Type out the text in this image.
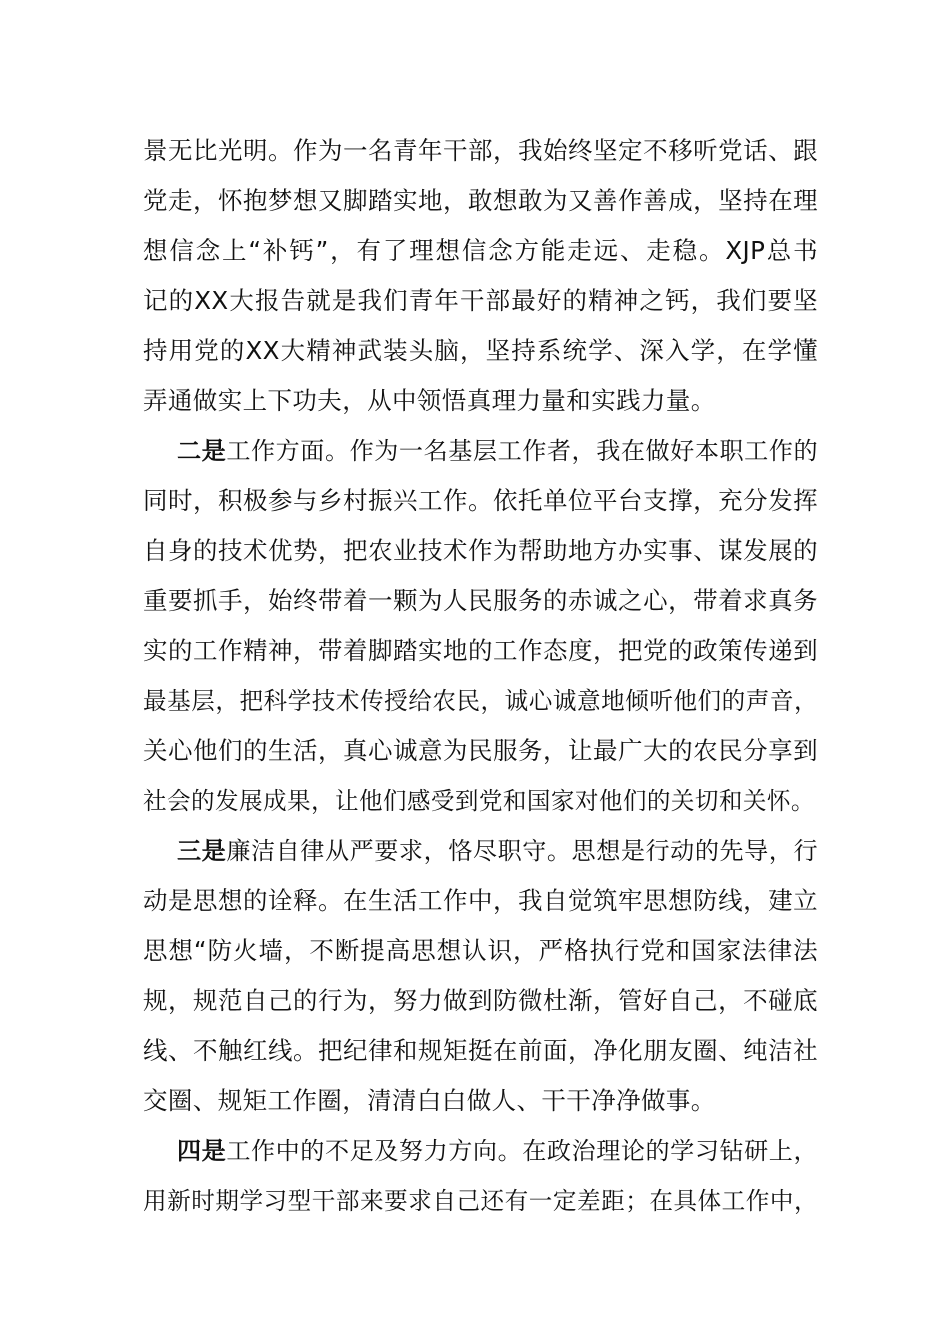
景无比光明。作为一名青年干部，我始终坚定不移听党话、跟
党走，怀抱梦想又脚踏实地，敢想敢为又善作善成，坚持在理
想信念上“补钙”，有了理想信念方能走远、走稳。XJP总书
记的XX大报告就是我们青年干部最好的精神之钙，我们要坚
持用党的XX大精神武装头脑，坚持系统学、深入学，在学懂
弄通做实上下功夫，从中领悟真理力量和实践力量。
二是工作方面。作为一名基层工作者，我在做好本职工作的
同时，积极参与乡村振兴工作。依托单位平台支撑，充分发挥
自身的技术优势，把农业技术作为帮助地方办实事、谋发展的
重要抓手，始终带着一颗为人民服务的赤诚之心，带着求真务
实的工作精神，带着脚踏实地的工作态度，把党的政策传递到
最基层，把科学技术传授给农民，诚心诚意地倾听他们的声音，
关心他们的生活，真心诚意为民服务，让最广大的农民分享到
社会的发展成果，让他们感受到党和国家对他们的关切和关怀。
三是廉洁自律从严要求，恪尽职守。思想是行动的先导，行
动是思想的诠释。在生活工作中，我自觉筑牢思想防线，建立
思想“防火墙，不断提高思想认识，严格执行党和国家法律法
规，规范自己的行为，努力做到防微杜渐，管好自己，不碰底
线、不触红线。把纪律和规矩挺在前面，净化朋友圈、纯洁社
交圈、规矩工作圈，清清白白做人、干干净净做事。
四是工作中的不足及努力方向。在政治理论的学习钻研上，
用新时期学习型干部来要求自己还有一定差距；在具体工作中，
